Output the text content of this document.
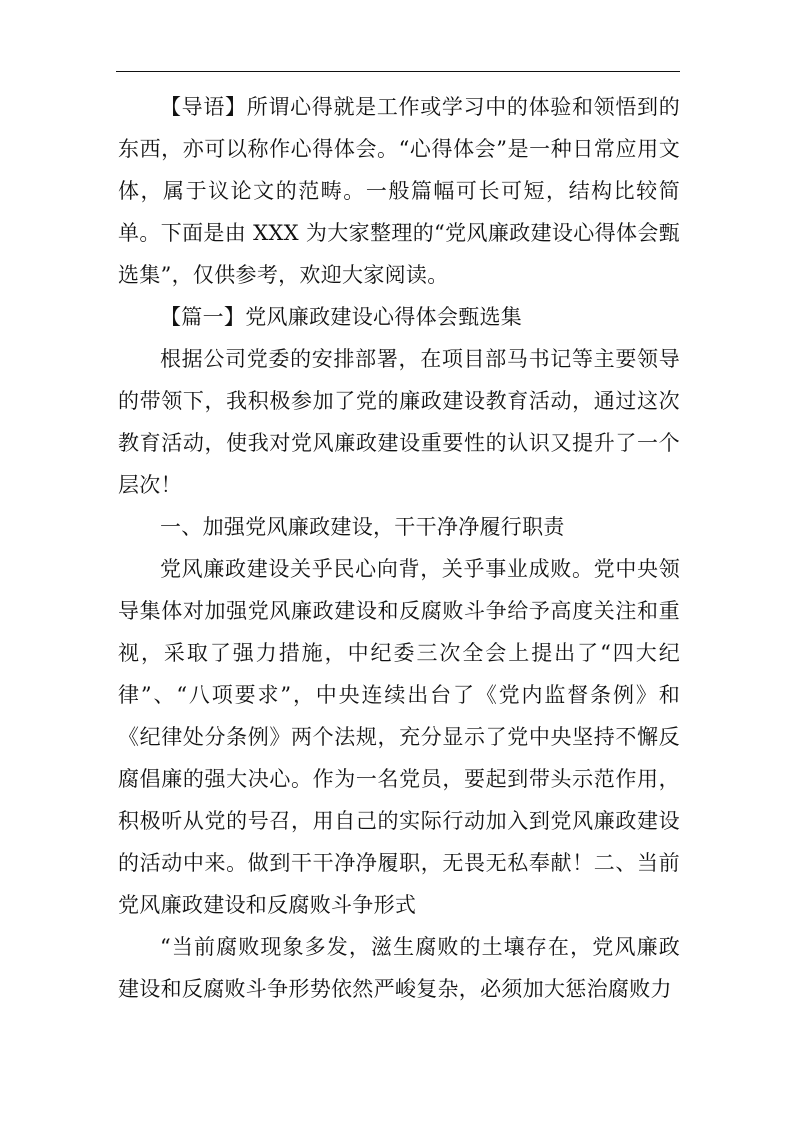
【导语】所谓心得就是工作或学习中的体验和领悟到的东西，亦可以称作心得体会。“心得体会”是一种日常应用文体，属于议论文的范畴。一般篇幅可长可短，结构比较简单。下面是由 XXX 为大家整理的“党风廉政建设心得体会甄选集”，仅供参考，欢迎大家阅读。

【篇一】党风廉政建设心得体会甄选集

根据公司党委的安排部署，在项目部马书记等主要领导的带领下，我积极参加了党的廉政建设教育活动，通过这次教育活动，使我对党风廉政建设重要性的认识又提升了一个层次！

一、加强党风廉政建设，干干净净履行职责

党风廉政建设关乎民心向背，关乎事业成败。党中央领导集体对加强党风廉政建设和反腐败斗争给予高度关注和重视，采取了强力措施，中纪委三次全会上提出了“四大纪律”、“八项要求”，中央连续出台了《党内监督条例》和《纪律处分条例》两个法规，充分显示了党中央坚持不懈反腐倡廉的强大决心。作为一名党员，要起到带头示范作用，积极听从党的号召，用自己的实际行动加入到党风廉政建设的活动中来。做到干干净净履职，无畏无私奉献！二、当前党风廉政建设和反腐败斗争形式

“当前腐败现象多发，滋生腐败的土壤存在，党风廉政建设和反腐败斗争形势依然严峻复杂，必须加大惩治腐败力
